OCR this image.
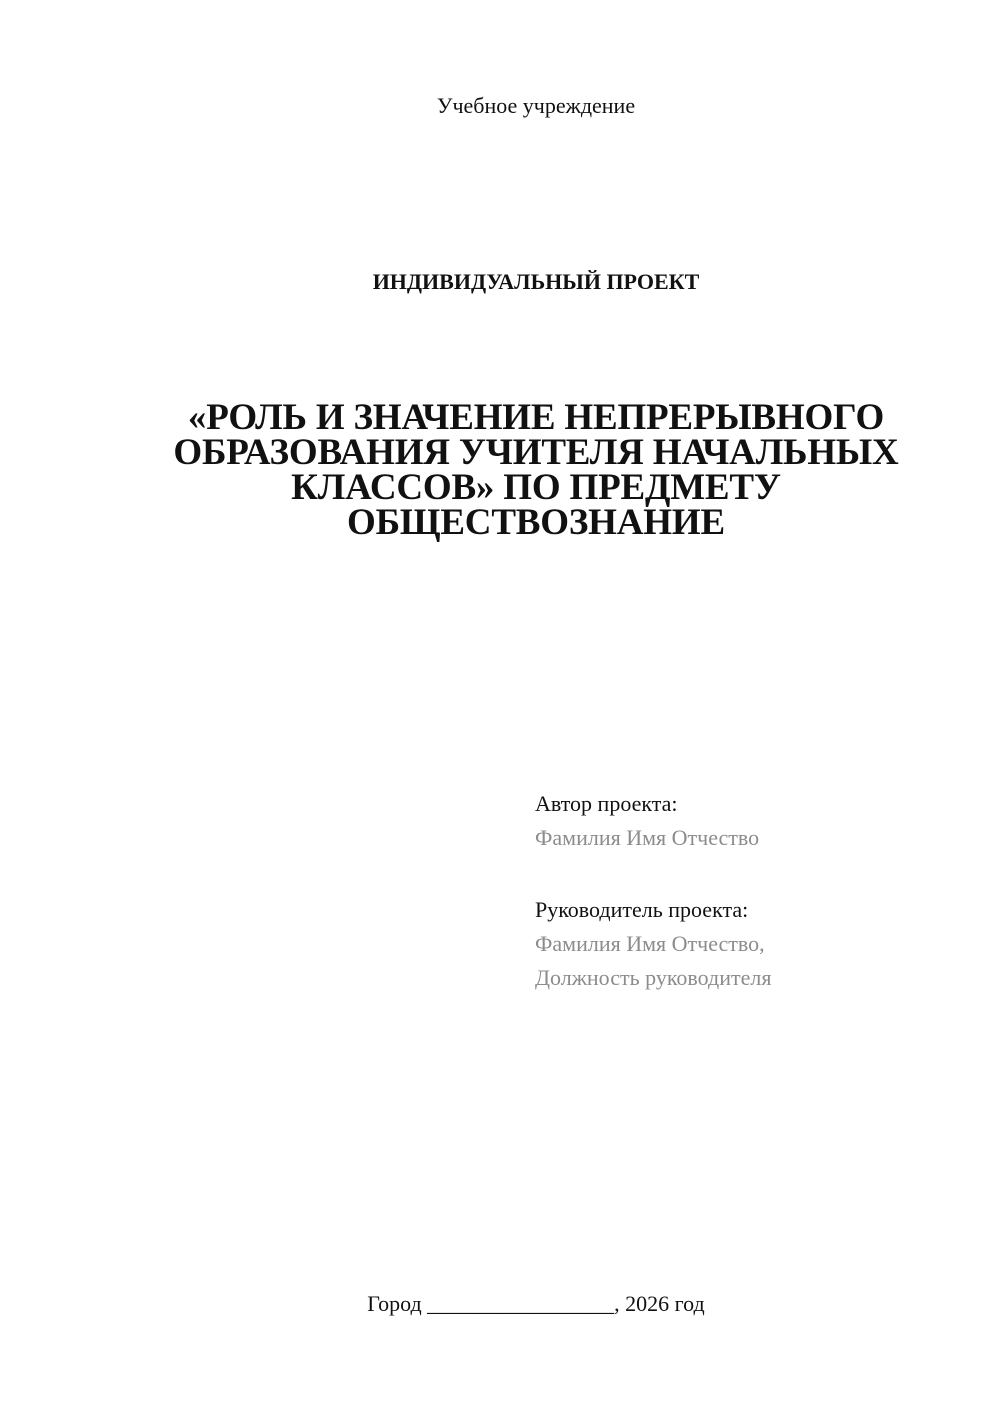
Учебное учреждение
ИНДИВИДУАЛЬНЫЙ ПРОЕКТ
«РОЛЬ И ЗНАЧЕНИЕ НЕПРЕРЫВНОГО
ОБРАЗОВАНИЯ УЧИТЕЛЯ НАЧАЛЬНЫХ
КЛАССОВ» ПО ПРЕДМЕТУ
ОБЩЕСТВОЗНАНИЕ
Автор проекта:
Фамилия Имя Отчество
Руководитель проекта:
Фамилия Имя Отчество,
Должность руководителя
Город _________________, 2026 год
